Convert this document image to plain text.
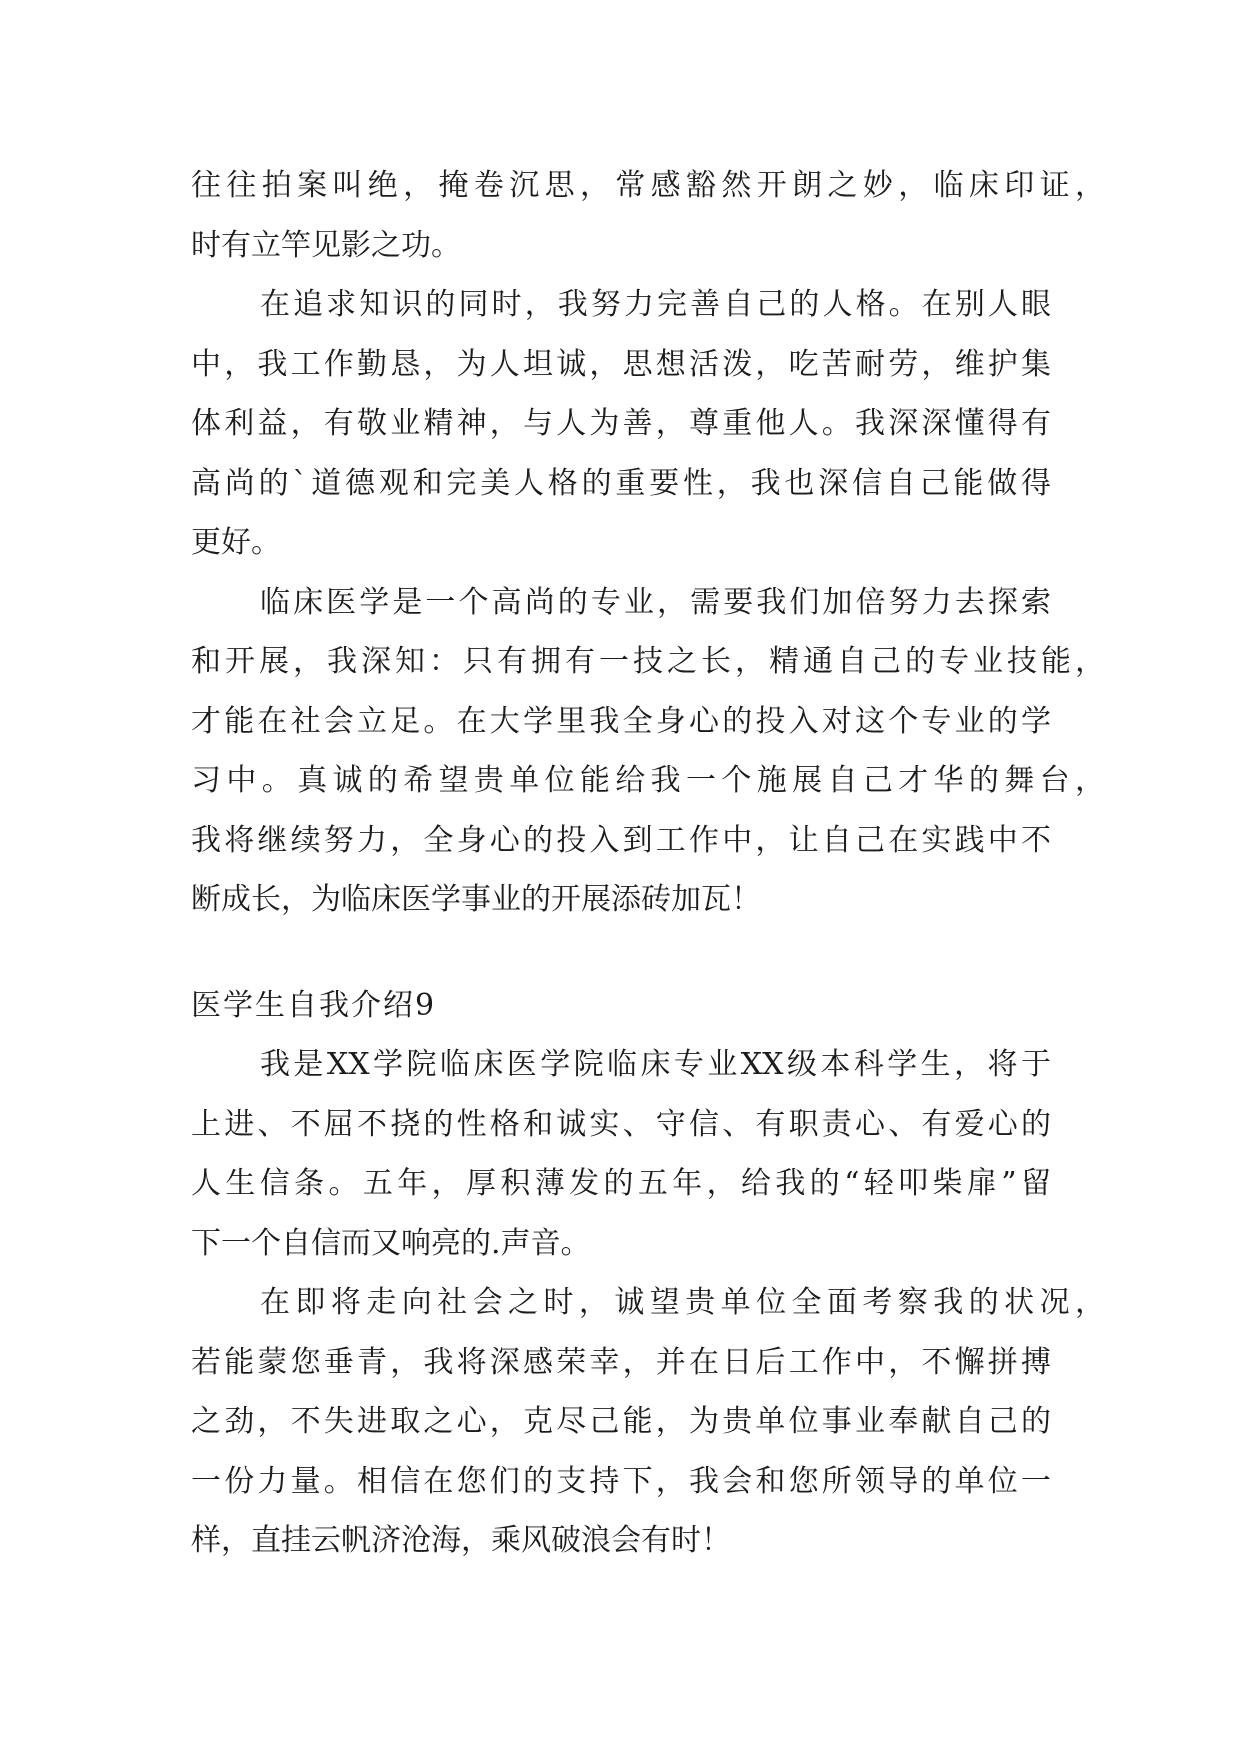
往往拍案叫绝，掩卷沉思，常感豁然开朗之妙，临床印证，
时有立竿见影之功。
在追求知识的同时，我努力完善自己的人格。在别人眼
中，我工作勤恳，为人坦诚，思想活泼，吃苦耐劳，维护集
体利益，有敬业精神，与人为善，尊重他人。我深深懂得有
高尚的`道德观和完美人格的重要性，我也深信自己能做得
更好。
临床医学是一个高尚的专业，需要我们加倍努力去探索
和开展，我深知：只有拥有一技之长，精通自己的专业技能，
才能在社会立足。在大学里我全身心的投入对这个专业的学
习中。真诚的希望贵单位能给我一个施展自己才华的舞台，
我将继续努力，全身心的投入到工作中，让自己在实践中不
断成长，为临床医学事业的开展添砖加瓦！
医学生自我介绍9
我是XX学院临床医学院临床专业XX级本科学生，将于
上进、不屈不挠的性格和诚实、守信、有职责心、有爱心的
人生信条。五年，厚积薄发的五年，给我的“轻叩柴扉”留
下一个自信而又响亮的.声音。
在即将走向社会之时，诚望贵单位全面考察我的状况，
若能蒙您垂青，我将深感荣幸，并在日后工作中，不懈拼搏
之劲，不失进取之心，克尽己能，为贵单位事业奉献自己的
一份力量。相信在您们的支持下，我会和您所领导的单位一
样，直挂云帆济沧海，乘风破浪会有时！
